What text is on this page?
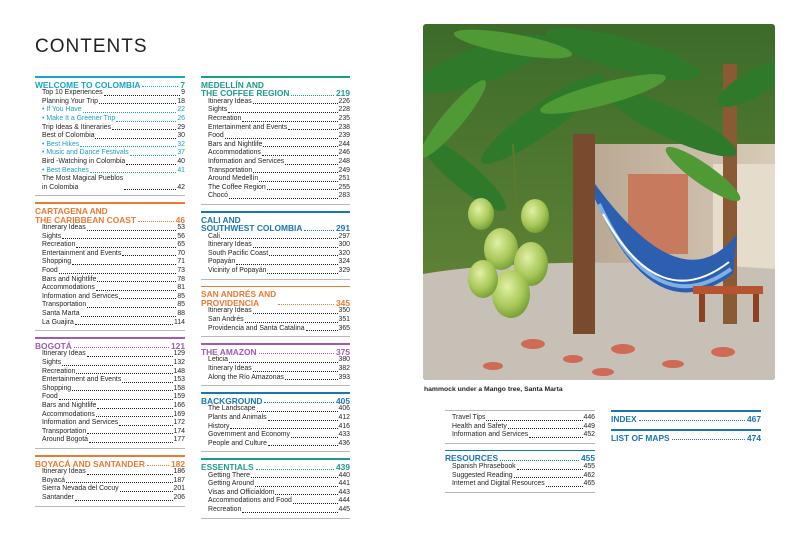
CONTENTS
WELCOME TO COLOMBIA	7
Top 10 Experiences	9
Planning Your Trip	18
• If You Have	22
• Make It a Greener Trip	26
Trip Ideas & Itineraries	29
Best of Colombia	30
• Best Hikes	32
• Music and Dance Festivals	37
Bird -Watching in Colombia	40
• Best Beaches	41
The Most Magical Pueblos
in Colombia	42
CARTAGENA AND
THE CARIBBEAN COAST	46
Itinerary Ideas	53
Sights	56
Recreation	65
Entertainment and Events	70
Shopping	71
Food	73
Bars and Nightlife	78
Accommodations	81
Information and Services	85
Transportation	85
Santa Marta	88
La Guajira	114
BOGOTÁ	121
Itinerary Ideas	129
Sights	132
Recreation	148
Entertainment and Events	153
Shopping	158
Food	159
Bars and Nightlife	166
Accommodations	169
Information and Services	172
Transportation	174
Around Bogotá	177
BOYACÁ AND SANTANDER	182
Itinerary Ideas	186
Boyacá	187
Sierra Nevada del Cocuy	201
Santander	206
MEDELLÍN AND
THE COFFEE REGION	219
Itinerary Ideas	226
Sights	228
Recreation	235
Entertainment and Events	238
Food	239
Bars and Nightlife	244
Accommodations	246
Information and Services	248
Transportation	249
Around Medellín	251
The Coffee Region	255
Chocó	283
CALI AND
SOUTHWEST COLOMBIA	291
Cali	297
Itinerary Ideas	300
South Pacific Coast	320
Popayán	324
Vicinity of Popayán	329
SAN ANDRÉS AND
PROVIDENCIA	345
Itinerary Ideas	350
San Andrés	351
Providencia and Santa Catalina	365
THE AMAZON	375
Leticia	380
Itinerary Ideas	382
Along the Río Amazonas	393
BACKGROUND	405
The Landscape	406
Plants and Animals	412
History	416
Government and Economy	433
People and Culture	436
ESSENTIALS	439
Getting There	440
Getting Around	441
Visas and Officialdom	443
Accommodations and Food	444
Recreation	445
Travel Tips	446
Health and Safety	449
Information and Services	452
RESOURCES	455
Spanish Phrasebook	455
Suggested Reading	462
Internet and Digital Resources	465
INDEX	467
LIST OF MAPS	474
hammock under a Mango tree, Santa Marta
